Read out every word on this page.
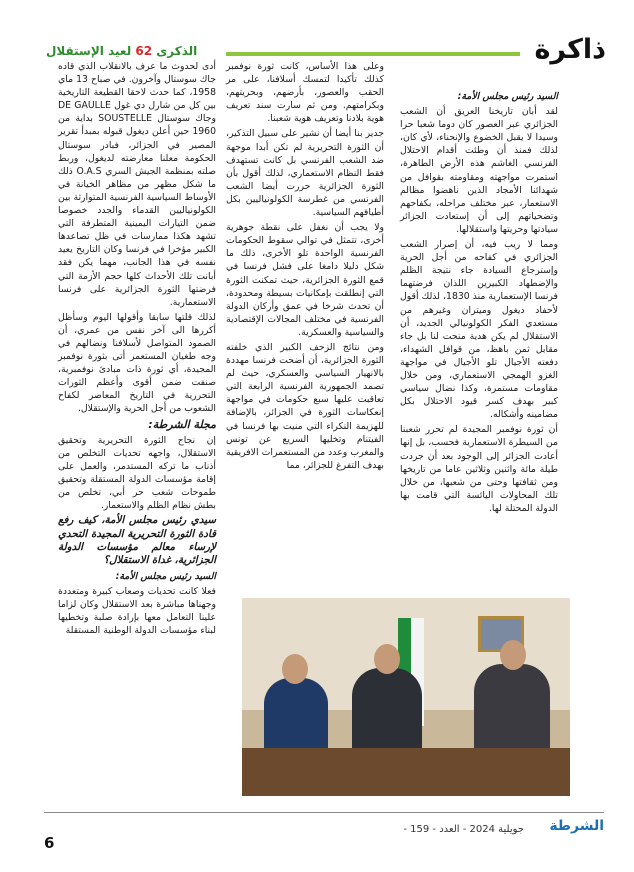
ذاكرة
الذكرى 62 لعيد الإستقلال

السيد رئيس مجلس الأمة:

لقد أبان تاريخنا العريق أن الشعب الجزائري عبر العصور كان دوما شعبا حرا وسيدا لا يقبل الخضوع والإنحناء، لأي كان، لذلك فمنذ أن وطئت أقدام الاحتلال الفرنسي الغاشم هذه الأرض الطاهرة، استمرت مواجهته ومقاومته بقوافل من شهدائنا الأمجاد الذين ناهضوا مظالم الاستعمار، عبر مختلف مراحله، بكفاحهم وتضحياتهم إلى أن إستعادت الجزائر سيادتها وحريتها واستقلالها.

ومما لا ريب فيه، أن إصرار الشعب الجزائري في كفاحه من أجل الحرية وإسترجاع السيادة جاء نتيجة الظلم والإضطهاد الكبيرين اللذان فرضتهما فرنسا الإستعمارية منذ 1830، لذلك أقول لأحفاد ديغول وميتران وغيرهم من مستعدي الفكر الكولونيالي الجديد، أن الاستقلال لم يكن هدية منحت لنا بل جاء مقابل ثمن باهظ، من قوافل الشهداء، دفعته الأجيال تلو الأجيال في مواجهة الغزو الهمجي الاستعماري، ومن خلال مقاومات مستمرة، وكذا نضال سياسي كبير بهدف كسر قيود الاحتلال بكل مضامينه وأشكاله.

أن ثورة نوفمبر المجيدة لم تحرر شعبنا من السيطرة الاستعمارية فحسب، بل إنها أعادت الجزائر إلى الوجود بعد أن جردت طيلة مائة واثنين وثلاثين عاما من تاريخها ومن ثقافتها وحتى من شعبها، من خلال تلك المحاولات اليائسة التي قامت بها الدولة المحتلة لها.

وعلى هذا الأساس، كانت ثورة نوفمبر كذلك تأكيدا لتمسك أسلافنا، على مر الحقب والعصور، بأرضهم، وبحريتهم، وبكرامتهم. ومن ثم سارت سند تعريف هوية بلادنا وتعريف هوية شعبنا.

جدير بنا أيضا أن نشير على سبيل التذكير، أن الثورة التحريرية لم تكن أبدا موجهة ضد الشعب الفرنسي بل كانت تستهدف فقط النظام الاستعماري، لذلك أقول بأن الثورة الجزائرية حررت أيضا الشعب الفرنسي من غطرسة الكولونياليين بكل أطيافهم السياسية.

ولا يجب أن نغفل على نقطة جوهرية أخرى، تتمثل في توالي سقوط الحكومات الفرنسية الواحدة تلو الأخرى، ذلك ما شكل دليلا دامغا على فشل فرنسا في قمع الثورة الجزائرية، حيث تمكنت الثورة التي إنطلقت بإمكانيات بسيطة ومحدودة، أن تحدث شرخا في عمق وأركان الدولة الفرنسية في مختلف المجالات الإقتصادية والسياسية والعسكرية.

ومن نتائج الزحف الكبير الذي خلفته الثورة الجزائرية، أن أضحت فرنسا مهددة بالانهيار السياسي والعسكري، حيث لم تصمد الجمهورية الفرنسية الرابعة التي تعاقبت عليها سبع حكومات في مواجهة إنعكاسات الثورة في الجزائر، بالإضافة للهزيمة النكراء التي منيت بها فرنسا في الفيتنام وتخليها السريع عن تونس والمغرب وعدد من المستعمرات الافريقية بهدف التفرغ للجزائر، مما

أدى لحدوث ما عرف بالانقلاب الذي قاده جاك سوستال وآخرون. في صباح 13 ماي 1958، كما حدث لاحقا القطيعة التاريخية بين كل من شارل دي غول DE GAULLE وجاك سوستال SOUSTELLE بداية من 1960 حين أعلن ديغول قبوله بمبدأ تقرير المصير في الجزائر، فبادر سوستال الحكومة معلنا معارضته لديغول، وربط صلته بمنظمة الجيش السري O.A.S ذلك ما شكل مظهر من مظاهر الخيانة في الأوساط السياسية الفرنسية المتوارثة بين الكولونياليين القدماء والجدد خصوصا ضمن التيارات اليمينية المتطرفة التي تشهد هكذا ممارسات في ظل تصاعدها الكبير مؤخرا في فرنسا وكان التاريخ يعيد نفسه في هذا الجانب، مهما يكن فقد أبانت تلك الأحداث كلها حجم الأزمة التي فرضتها الثورة الجزائرية على فرنسا الاستعمارية.

لذلك قلتها سابقا وأقولها اليوم وسأظل أكررها الى آخر نفس من عمري، أن الصمود المتواصل لأسلافنا ونضالهم في وجه طغيان المستعمر أتى بثورة نوفمبر المجيدة، أي ثورة ذات مبادئ نوفمبرية، صنفت ضمن أقوى وأعظم الثورات التحررية في التاريخ المعاصر لكفاح الشعوب من أجل الحرية والإستقلال.

مجلة الشرطة:

إن نجاح الثورة التحريرية وتحقيق الاستقلال، واجهه تحديات التخلص من أذناب ما تركه المستدمر، والعمل على إقامة مؤسسات الدولة المستقلة وتحقيق طموحات شعب حر أبي، تخلص من بطش نظام الظلم والاستعمار.

سيدي رئيس مجلس الأمة، كيف رفع قادة الثورة التحريرية المجيدة التحدي لإرساء معالم مؤسسات الدولة الجزائرية، غداة الاستقلال؟

السيد رئيس مجلس الأمة:

فعلا كانت تحديات وصعاب كبيرة ومتعددة وجهناها مباشرة بعد الاستقلال وكان لزاما علينا التعامل معها بإرادة صلبة وتخطيها لبناء مؤسسات الدولة الوطنية المستقلة

الشرطة
جويلية 2024 - العدد - 159 -
6
